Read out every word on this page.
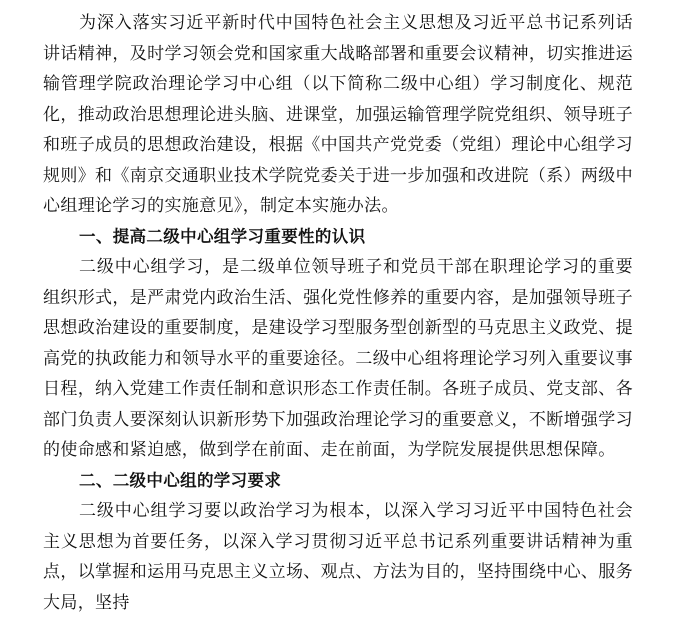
为深入落实习近平新时代中国特色社会主义思想及习近平总书记系列话讲话精神，及时学习领会党和国家重大战略部署和重要会议精神，切实推进运输管理学院政治理论学习中心组（以下简称二级中心组）学习制度化、规范化，推动政治思想理论进头脑、进课堂，加强运输管理学院党组织、领导班子和班子成员的思想政治建设，根据《中国共产党党委（党组）理论中心组学习规则》和《南京交通职业技术学院党委关于进一步加强和改进院（系）两级中心组理论学习的实施意见》，制定本实施办法。

一、提高二级中心组学习重要性的认识

二级中心组学习，是二级单位领导班子和党员干部在职理论学习的重要组织形式，是严肃党内政治生活、强化党性修养的重要内容，是加强领导班子思想政治建设的重要制度，是建设学习型服务型创新型的马克思主义政党、提高党的执政能力和领导水平的重要途径。二级中心组将理论学习列入重要议事日程，纳入党建工作责任制和意识形态工作责任制。各班子成员、党支部、各部门负责人要深刻认识新形势下加强政治理论学习的重要意义，不断增强学习的使命感和紧迫感，做到学在前面、走在前面，为学院发展提供思想保障。

二、二级中心组的学习要求

二级中心组学习要以政治学习为根本，以深入学习习近平中国特色社会主义思想为首要任务，以深入学习贯彻习近平总书记系列重要讲话精神为重点，以掌握和运用马克思主义立场、观点、方法为目的，坚持围绕中心、服务大局，坚持
